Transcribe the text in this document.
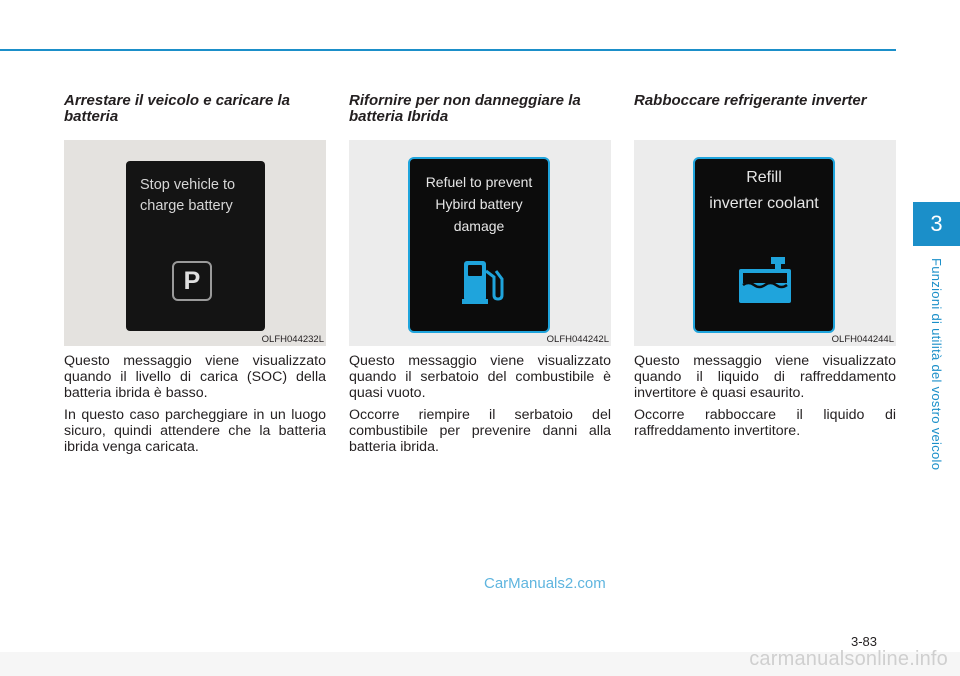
Arrestare il veicolo e caricare la batteria
Stop vehicle to
charge battery
P
OLFH044232L

Questo messaggio viene visualizzato quando il livello di carica (SOC) della batteria ibrida è basso.

In questo caso parcheggiare in un luogo sicuro, quindi attendere che la batteria ibrida venga caricata.

Rifornire per non danneggiare la batteria Ibrida
Refuel to prevent
Hybird battery
damage
OLFH044242L

Questo messaggio viene visualizzato quando il serbatoio del combustibile è quasi vuoto.

Occorre riempire il serbatoio del combustibile per prevenire danni alla batteria ibrida.

Rabboccare refrigerante inverter
Refill
inverter coolant
OLFH044244L

Questo messaggio viene visualizzato quando il liquido di raffreddamento invertitore è quasi esaurito.

Occorre rabboccare il liquido di raffreddamento invertitore.

3
Funzioni di utilità del vostro veicolo
CarManuals2.com
3-83
carmanualsonline.info
